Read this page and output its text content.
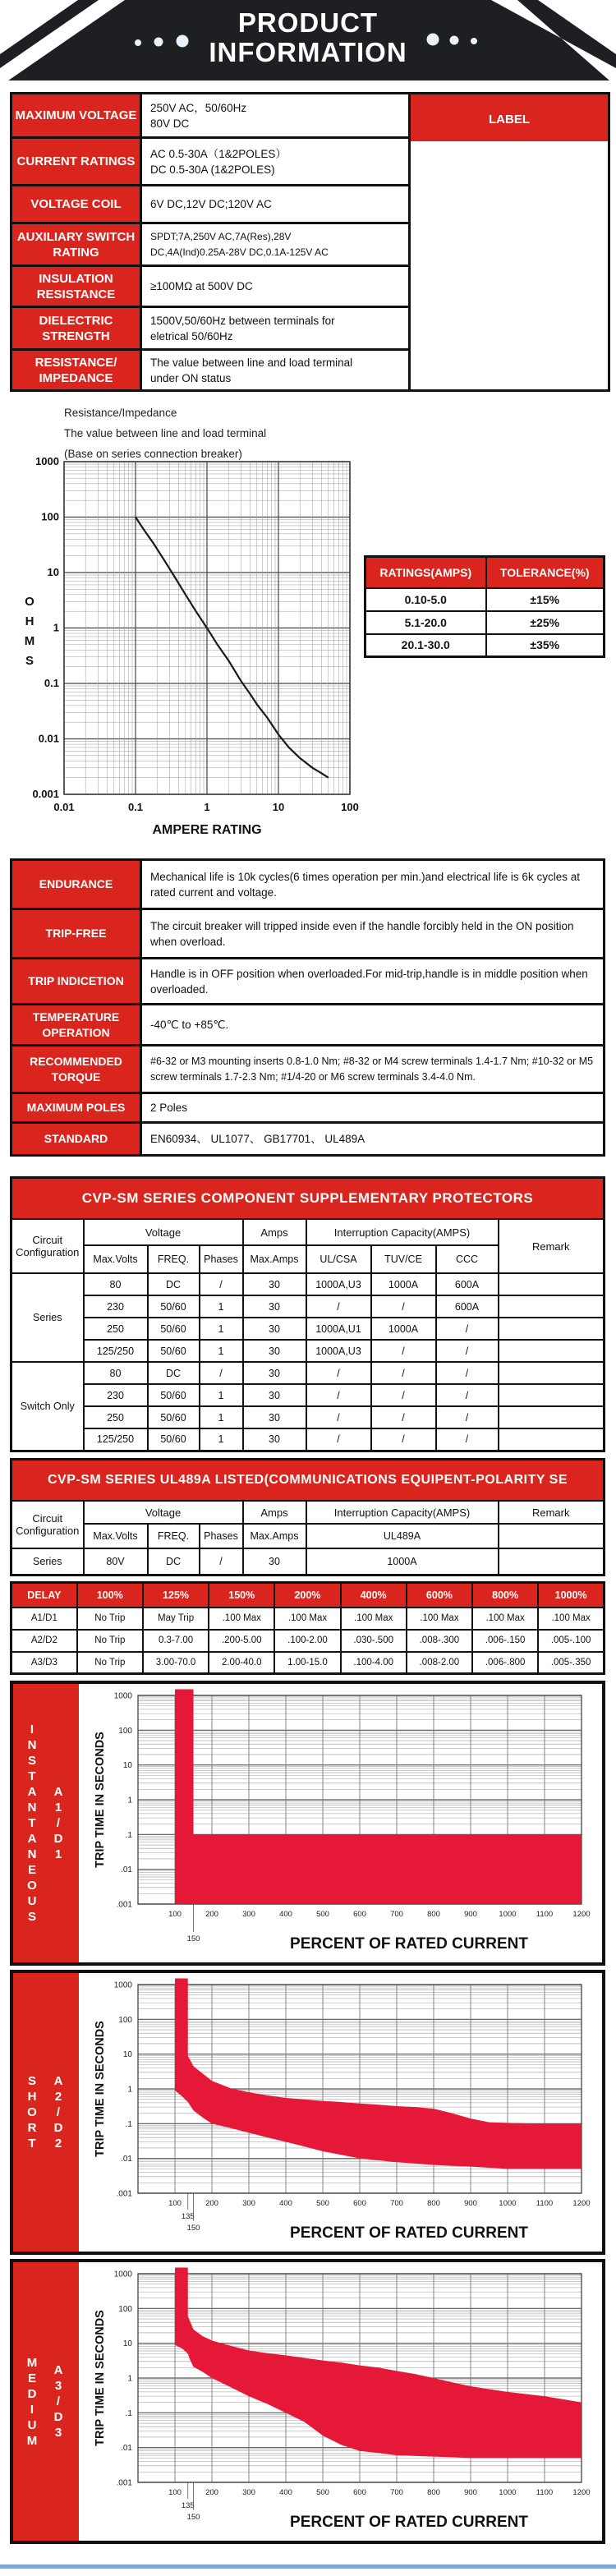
PRODUCT
INFORMATION
MAXIMUM VOLTAGE	250V AC，50/60Hz
80V DC

CURRENT RATINGS	AC 0.5-30A（1&2POLES）
DC 0.5-30A (1&2POLES)

VOLTAGE COIL	6V DC,12V DC;120V AC

AUXILIARY SWITCH RATING	SPDT;7A,250V AC,7A(Res),28V
DC,4A(Ind)0.25A-28V DC,0.1A-125V AC

INSULATION RESISTANCE	≥100MΩ at 500V DC

DIELECTRIC STRENGTH	1500V,50/60Hz between terminals for
eletrical 50/60Hz

RESISTANCE/ IMPEDANCE	The value between line and load terminal
under ON status
LABEL
Resistance/Impedance
The value between line and load terminal
(Base on series connection breaker)
1000
100
10
1
0.1
0.01
0.001
0.01	0.1	1	10	100
O
H
M
S
AMPERE RATING
RATINGS(AMPS)	TOLERANCE(%)
0.10-5.0	±15%
5.1-20.0	±25%
20.1-30.0	±35%
ENDURANCE	Mechanical life is 10k cycles(6 times operation per min.)and electrical life is 6k cycles at rated current and voltage.
TRIP-FREE	The circuit breaker will tripped inside even if the handle forcibly held in the ON position when overload.
TRIP INDICETION	Handle is in OFF position when overloaded.For mid-trip,handle is in middle position when overloaded.
TEMPERATURE OPERATION	-40℃ to +85℃.
RECOMMENDED TORQUE	#6-32 or M3 mounting inserts 0.8-1.0 Nm; #8-32 or M4 screw terminals 1.4-1.7 Nm; #10-32 or M5 screw terminals 1.7-2.3 Nm; #1/4-20 or M6 screw terminals 3.4-4.0 Nm.
MAXIMUM POLES	2 Poles
STANDARD	EN60934、 UL1077、 GB17701、 UL489A
CVP-SM SERIES COMPONENT SUPPLEMENTARY PROTECTORS								
Circuit Configuration	Voltage			Amps	Interruption Capacity(AMPS)			Remark
	Max.Volts	FREQ.	Phases	Max.Amps	UL/CSA	TUV/CE	CCC	
Series	80	DC	/	30	1000A,U3	1000A	600A	
	230	50/60	1	30	/	/	600A	
	250	50/60	1	30	1000A,U1	1000A	/	
	125/250	50/60	1	30	1000A,U3	/	/	
Switch Only	80	DC	/	30	/	/	/	
	230	50/60	1	30	/	/	/	
	250	50/60	1	30	/	/	/	
	125/250	50/60	1	30	/	/	/	
CVP-SM SERIES UL489A LISTED(COMMUNICATIONS EQUIPENT-POLARITY SE						
Circuit Configuration	Voltage			Amps	Interruption Capacity(AMPS)	Remark
	Max.Volts	FREQ.	Phases	Max.Amps	UL489A	
Series	80V	DC	/	30	1000A	
DELAY	100%	125%	150%	200%	400%	600%	800%	1000%
A1/D1	No Trip	May Trip	.100 Max	.100 Max	.100 Max	.100 Max	.100 Max	.100 Max
A2/D2	No Trip	0.3-7.00	.200-5.00	.100-2.00	.030-.500	.008-.300	.006-.150	.005-.100
A3/D3	No Trip	3.00-70.0	2.00-40.0	1.00-15.0	.100-4.00	.008-2.00	.006-.800	.005-.350
I
N
S
T
A
N
T
A
N
E
O
U
S
A
1
/
D
1
1000
100
10
1
.1
.01
.001
100	200	300	400	500	600	700	800	900	1000	1100	1200
150	PERCENT OF RATED CURRENT
TRIP TIME IN SECONDS
S
H
O
R
T
A
2
/
D
2
1000
100
10
1
.1
.01
.001
100	200	300	400	500	600	700	800	900	1000	1100	1200
135
150	PERCENT OF RATED CURRENT
TRIP TIME IN SECONDS
M
E
D
I
U
M
A
3
/
D
3
1000
100
10
1
.1
.01
.001
100	200	300	400	500	600	700	800	900	1000	1100	1200
135
150	PERCENT OF RATED CURRENT
TRIP TIME IN SECONDS
